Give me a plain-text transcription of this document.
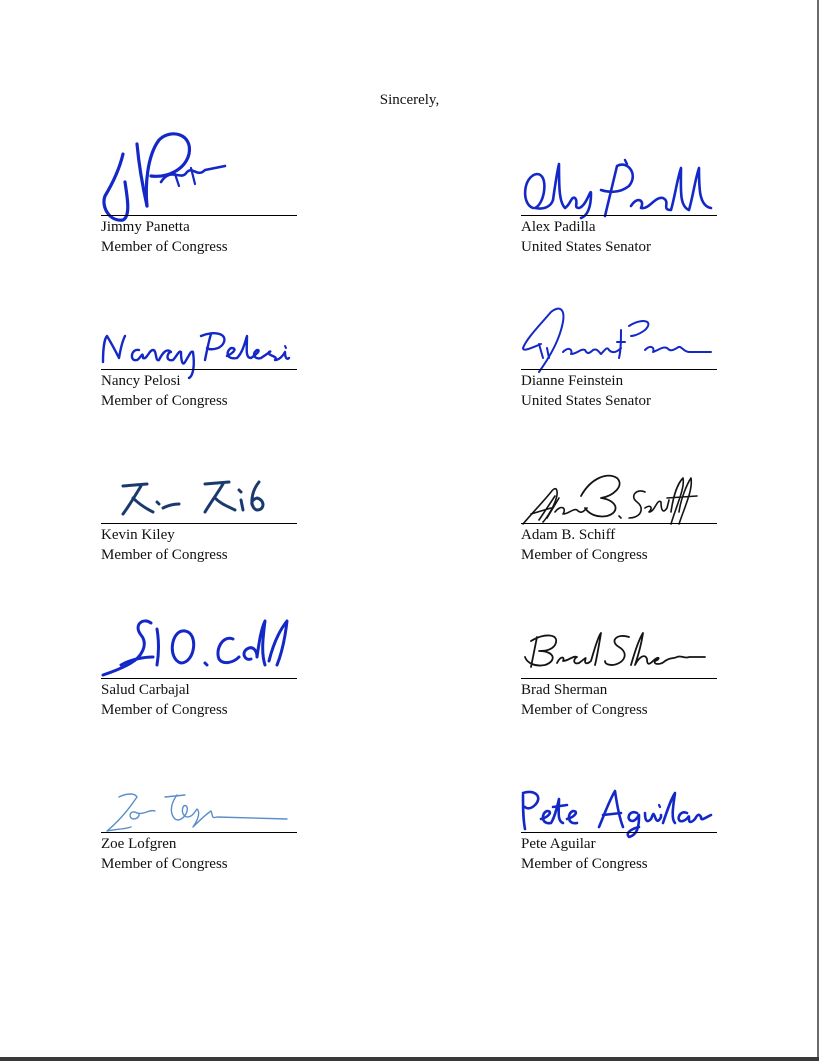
Sincerely,
Jimmy Panetta
Member of Congress
Alex Padilla
United States Senator
Nancy Pelosi
Member of Congress
Dianne Feinstein
United States Senator
Kevin Kiley
Member of Congress
Adam B. Schiff
Member of Congress
Salud Carbajal
Member of Congress
Brad Sherman
Member of Congress
Zoe Lofgren
Member of Congress
Pete Aguilar
Member of Congress
